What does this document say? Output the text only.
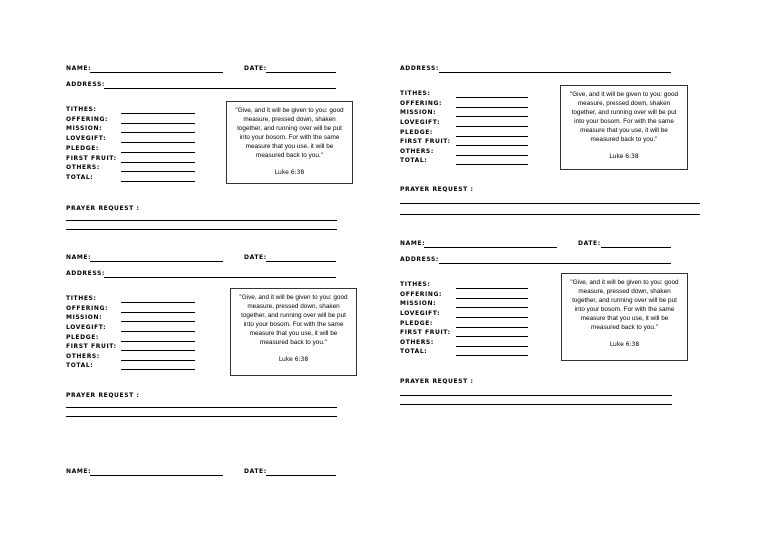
NAME:	DATE:
ADDRESS:
TITHES:
OFFERING:
MISSION:
LOVEGIFT:
PLEDGE:
FIRST FRUIT:
OTHERS:
TOTAL:
"Give, and it will be given to you: good measure, pressed down, shaken together, and running over will be put into your bosom. For with the same measure that you use, it will be measured back to you."
Luke 6:38
PRAYER REQUEST :
NAME:	DATE:
ADDRESS:
TITHES:
OFFERING:
MISSION:
LOVEGIFT:
PLEDGE:
FIRST FRUIT:
OTHERS:
TOTAL:
"Give, and it will be given to you: good measure, pressed down, shaken together, and running over will be put into your bosom. For with the same measure that you use, it will be measured back to you."
Luke 6:38
PRAYER REQUEST :
NAME:	DATE:
ADDRESS:
TITHES:
OFFERING:
MISSION:
LOVEGIFT:
PLEDGE:
FIRST FRUIT:
OTHERS:
TOTAL:
"Give, and it will be given to you: good measure, pressed down, shaken together, and running over will be put into your bosom. For with the same measure that you use, it will be measured back to you."
Luke 6:38
PRAYER REQUEST :
NAME:	DATE:
ADDRESS:
TITHES:
OFFERING:
MISSION:
LOVEGIFT:
PLEDGE:
FIRST FRUIT:
OTHERS:
TOTAL:
"Give, and it will be given to you: good measure, pressed down, shaken together, and running over will be put into your bosom. For with the same measure that you use, it will be measured back to you."
Luke 6:38
PRAYER REQUEST :
